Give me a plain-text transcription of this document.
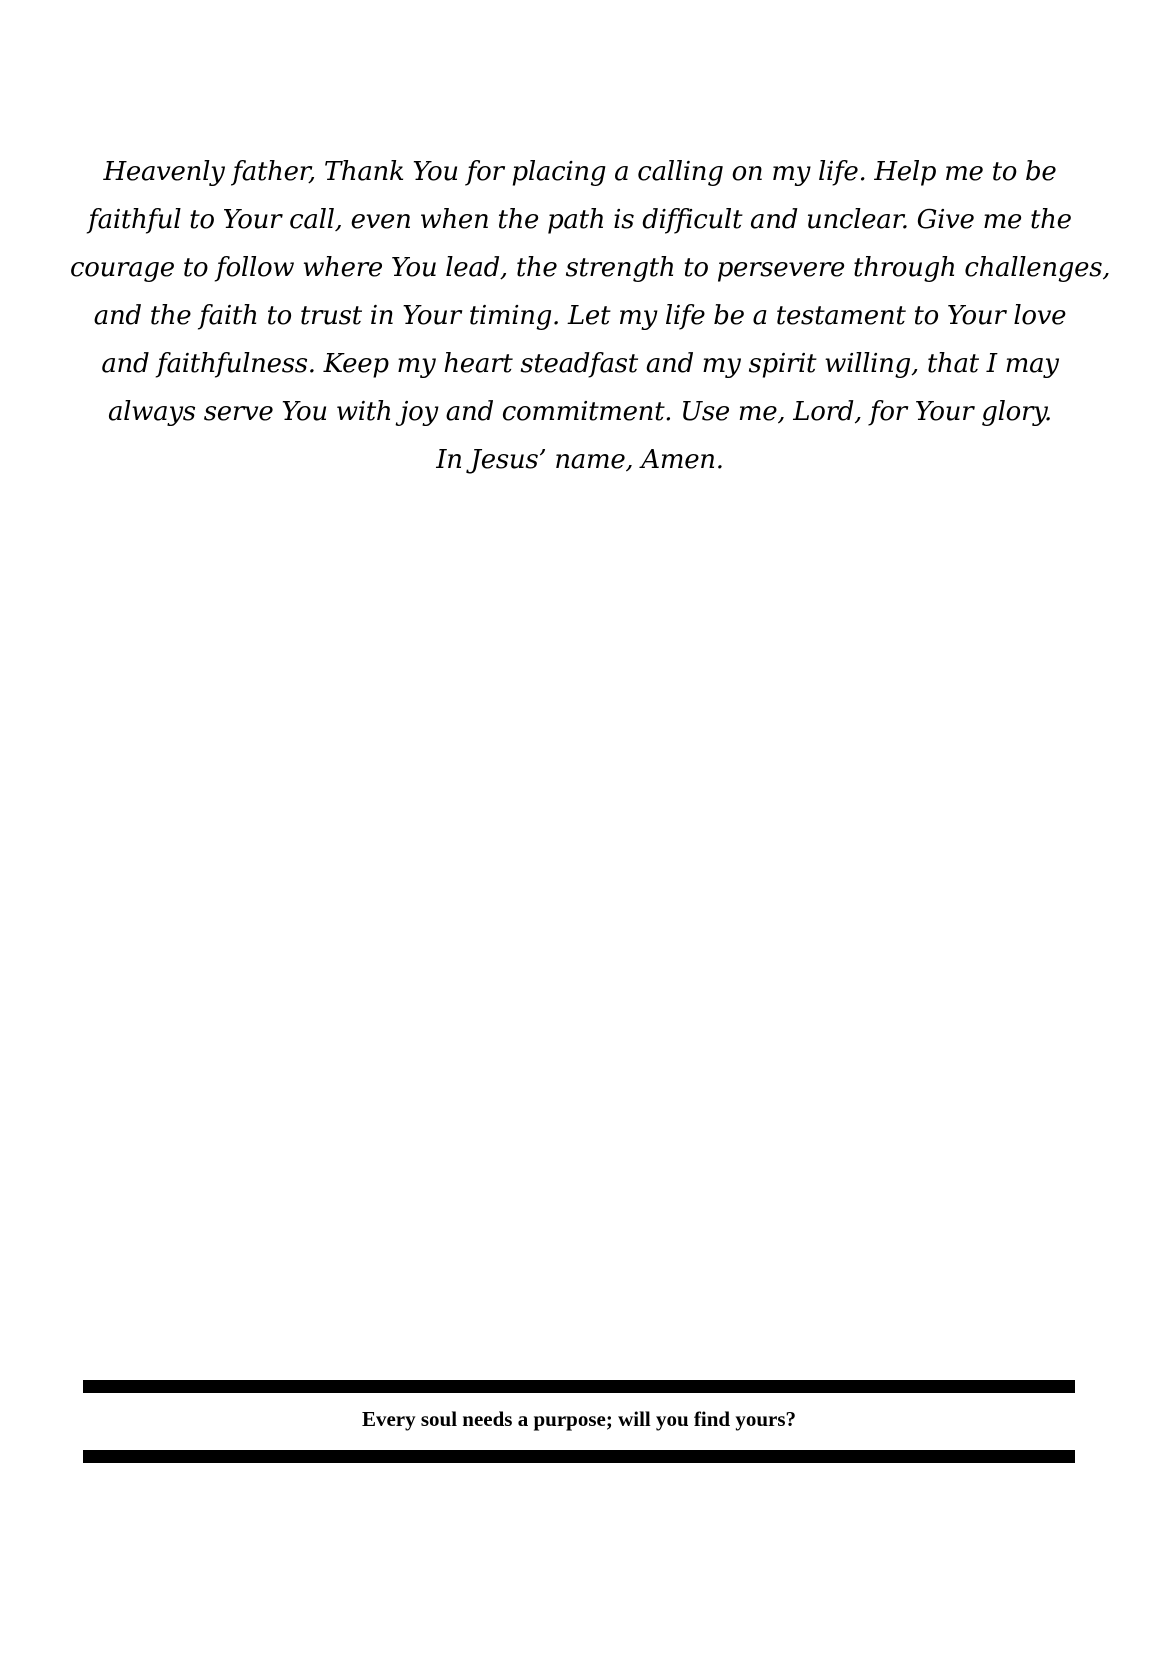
Heavenly father, Thank You for placing a calling on my life. Help me to be
faithful to Your call, even when the path is difficult and unclear. Give me the
courage to follow where You lead, the strength to persevere through challenges,
and the faith to trust in Your timing. Let my life be a testament to Your love
and faithfulness. Keep my heart steadfast and my spirit willing, that I may
always serve You with joy and commitment. Use me, Lord, for Your glory.
In Jesus’ name, Amen.
Every soul needs a purpose; will you find yours?
